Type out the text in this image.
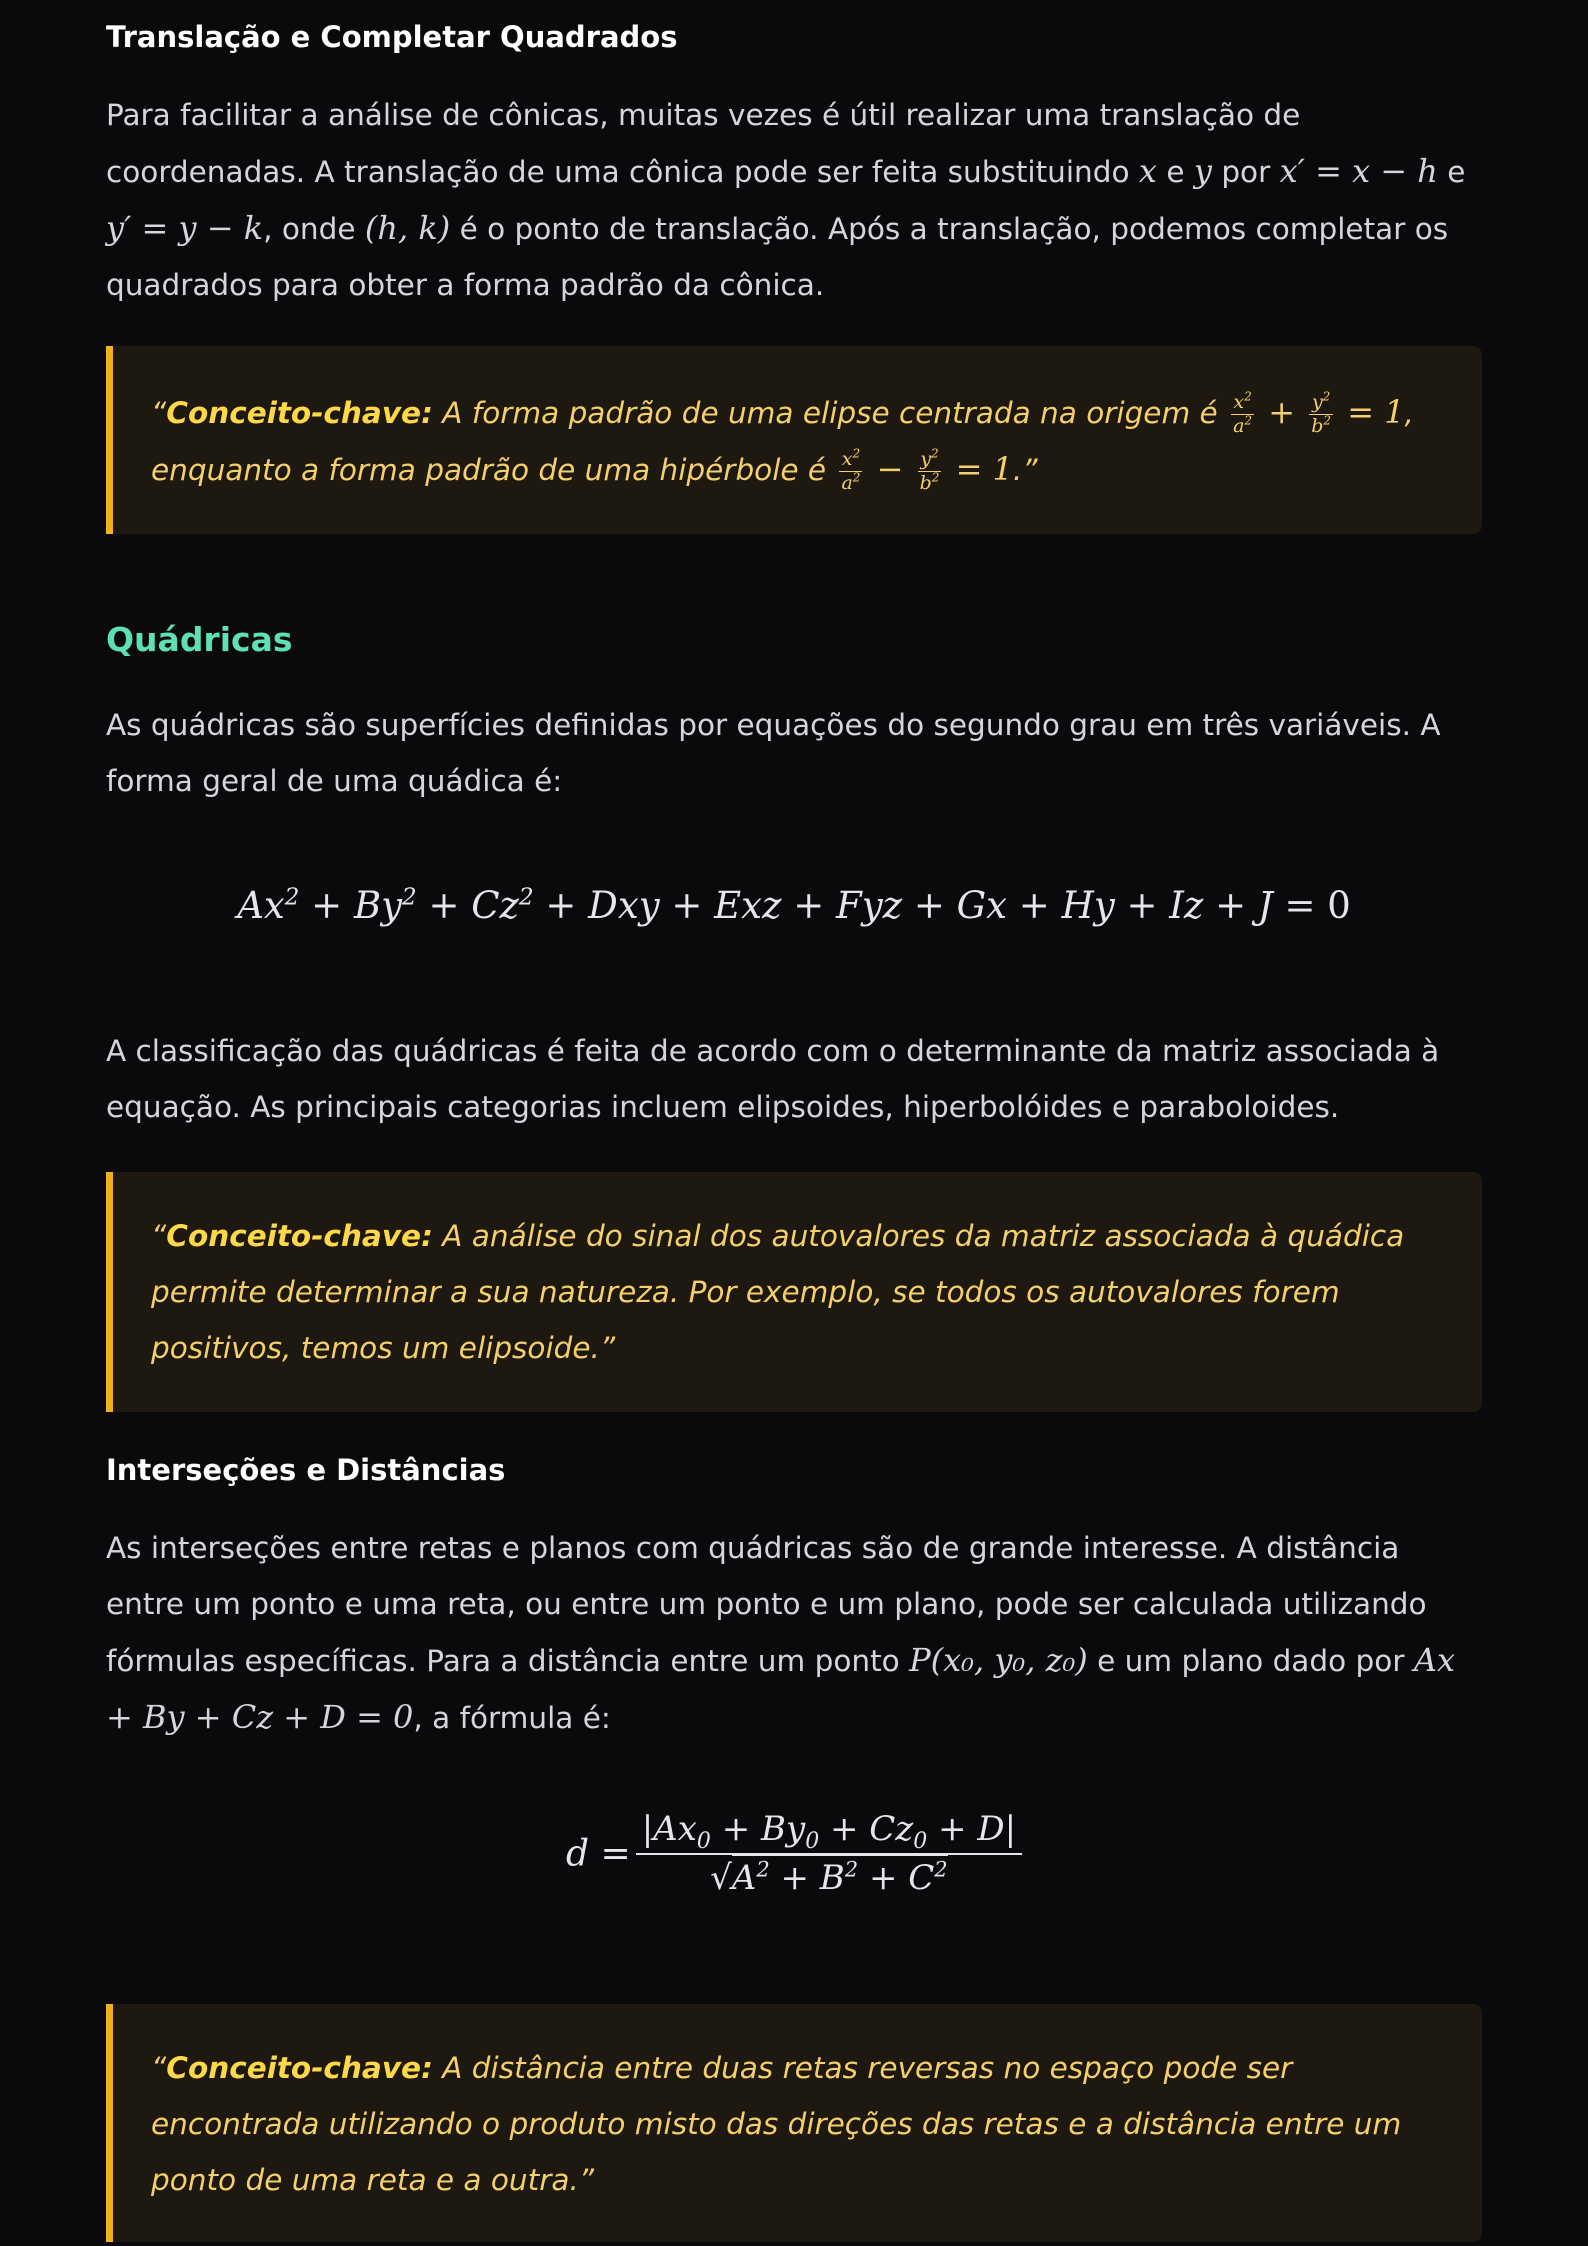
Translação e Completar Quadrados

Para facilitar a análise de cônicas, muitas vezes é útil realizar uma translação de coordenadas. A translação de uma cônica pode ser feita substituindo x e y por x′ = x − h e y′ = y − k, onde (h, k) é o ponto de translação. Após a translação, podemos completar os quadrados para obter a forma padrão da cônica.

“Conceito-chave: A forma padrão de uma elipse centrada na origem é $\frac{x^2}{a^2} + \frac{y^2}{b^2} = 1$, enquanto a forma padrão de uma hipérbole é $\frac{x^2}{a^2} - \frac{y^2}{b^2} = 1$.”

Quádricas

As quádricas são superfícies definidas por equações do segundo grau em três variáveis. A forma geral de uma quádica é:

$Ax^2 + By^2 + Cz^2$ + Dxy + Exz + Fyz + Gx + Hy + Iz + J = 0

A classificação das quádricas é feita de acordo com o determinante da matriz associada à equação. As principais categorias incluem elipsoides, hiperbolóides e paraboloides.

“Conceito-chave: A análise do sinal dos autovalores da matriz associada à quádica permite determinar a sua natureza. Por exemplo, se todos os autovalores forem positivos, temos um elipsoide.”

Interseções e Distâncias

As interseções entre retas e planos com quádricas são de grande interesse. A distância entre um ponto e uma reta, ou entre um ponto e um plano, pode ser calculada utilizando fórmulas específicas. Para a distância entre um ponto P(x₀, y₀, z₀) e um plano dado por Ax + By + Cz + D = 0, a fórmula é:

$d = \frac{|Ax_0 + By_0 + Cz_0 + D|}{√A^2 + B^2 + C^2}$

“Conceito-chave: A distância entre duas retas reversas no espaço pode ser encontrada utilizando o produto misto das direções das retas e a distância entre um ponto de uma reta e a outra.”
